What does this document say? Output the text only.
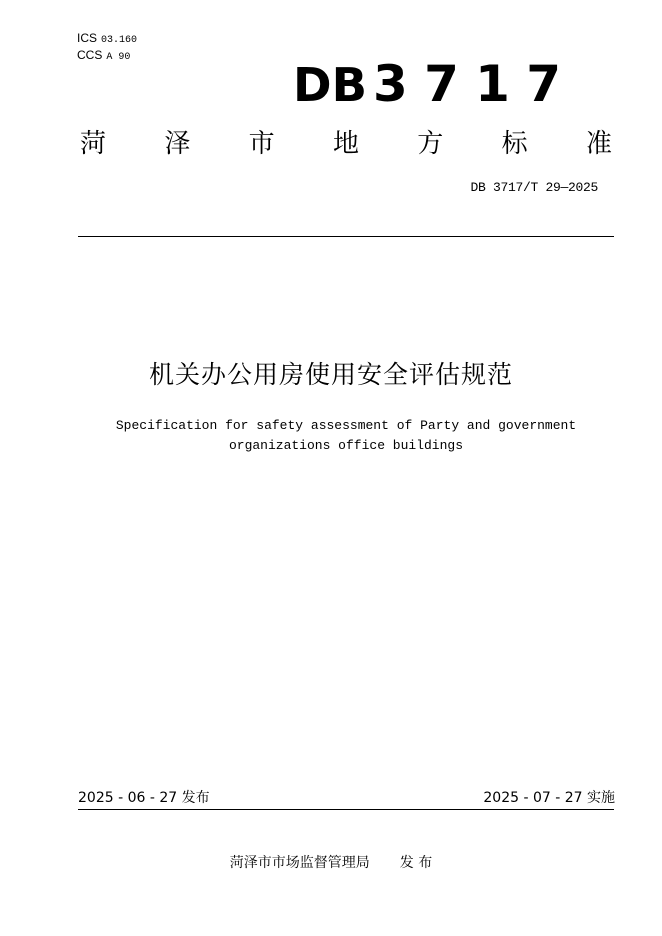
ICS 03.160
CCS A 90
DB 3717
菏 泽 市 地 方 标 准
DB 3717/T 29—2025
机关办公用房使用安全评估规范
Specification for safety assessment of Party and government
organizations office buildings
2025 - 06 - 27 发布	2025 - 07 - 27 实施
菏泽市市场监督管理局 发 布
